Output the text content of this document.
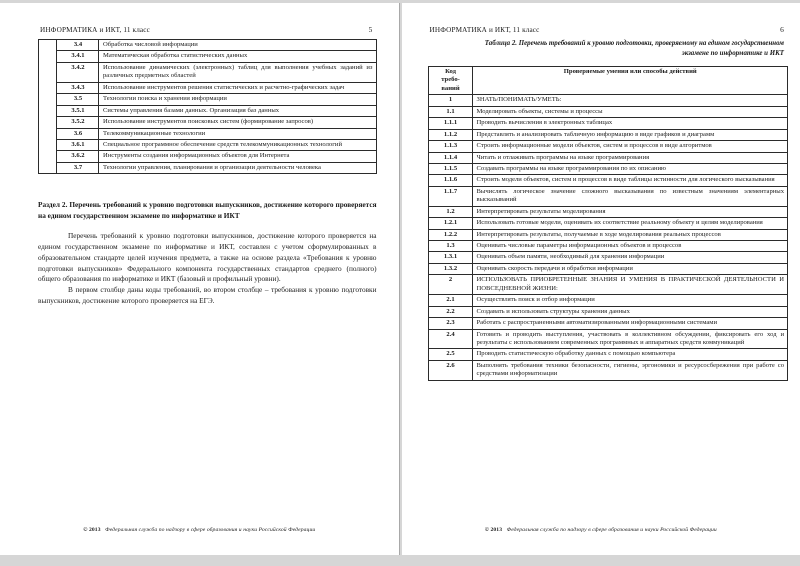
ИНФОРМАТИКА и ИКТ, 11 класс	5
	3.4	Обработка числовой информации
	3.4.1	Математическая обработка статистических данных
	3.4.2	Использование динамических (электронных) таблиц для выполнения учебных заданий из различных предметных областей
	3.4.3	Использование инструментов решения статистических и расчетно-графических задач
	3.5	Технологии поиска и хранения информации
	3.5.1	Системы управления базами данных. Организация баз данных
	3.5.2	Использование инструментов поисковых систем (формирование запросов)
	3.6	Телекоммуникационные технологии
	3.6.1	Специальное программное обеспечение средств телекоммуникационных технологий
	3.6.2	Инструменты создания информационных объектов для Интернета
	3.7	Технологии управления, планирования и организации деятельности человека
Раздел 2. Перечень требований к уровню подготовки выпускников, достижение которого проверяется на едином государственном экзамене по информатике и ИКТ

Перечень требований к уровню подготовки выпускников, достижение которого проверяется на едином государственном экзамене по информатике и ИКТ, составлен с учетом сформулированных в образовательном стандарте целей изучения предмета, а также на основе раздела «Требования к уровню подготовки выпускников» Федерального компонента государственных стандартов среднего (полного) общего образования по информатике и ИКТ (базовый и профильный уровни).

В первом столбце даны коды требований, во втором столбце – требования к уровню подготовки выпускников, достижение которого проверяется на ЕГЭ.

© 2013 Федеральная служба по надзору в сфере образования и науки Российской Федерации
ИНФОРМАТИКА и ИКТ, 11 класс	6
Таблица 2. Перечень требований к уровню подготовки, проверяемому на едином государственном экзамене по информатике и ИКТ
Код
требо-
ваний	Проверяемые умения или способы действий
1	ЗНАТЬ/ПОНИМАТЬ/УМЕТЬ:
1.1	Моделировать объекты, системы и процессы
1.1.1	Проводить вычисления в электронных таблицах
1.1.2	Представлять и анализировать табличную информацию в виде графиков и диаграмм
1.1.3	Строить информационные модели объектов, систем и процессов в виде алгоритмов
1.1.4	Читать и отлаживать программы на языке программирования
1.1.5	Создавать программы на языке программирования по их описанию
1.1.6	Строить модели объектов, систем и процессов в виде таблицы истинности для логического высказывания
1.1.7	Вычислять логическое значение сложного высказывания по известным значениям элементарных высказываний
1.2	Интерпретировать результаты моделирования
1.2.1	Использовать готовые модели, оценивать их соответствие реальному объекту и целям моделирования
1.2.2	Интерпретировать результаты, получаемые в ходе моделирования реальных процессов
1.3	Оценивать числовые параметры информационных объектов и процессов
1.3.1	Оценивать объем памяти, необходимый для хранения информации
1.3.2	Оценивать скорость передачи и обработки информации
2	ИСПОЛЬЗОВАТЬ ПРИОБРЕТЕННЫЕ ЗНАНИЯ И УМЕНИЯ В ПРАКТИЧЕСКОЙ ДЕЯТЕЛЬНОСТИ И ПОВСЕДНЕВНОЙ ЖИЗНИ:
2.1	Осуществлять поиск и отбор информации
2.2	Создавать и использовать структуры хранения данных
2.3	Работать с распространенными автоматизированными информационными системами
2.4	Готовить и проводить выступления, участвовать в коллективном обсуждении, фиксировать его ход и результаты с использованием современных программных и аппаратных средств коммуникаций
2.5	Проводить статистическую обработку данных с помощью компьютера
2.6	Выполнять требования техники безопасности, гигиены, эргономики и ресурсосбережения при работе со средствами информатизации
© 2013 Федеральная служба по надзору в сфере образования и науки Российской Федерации
